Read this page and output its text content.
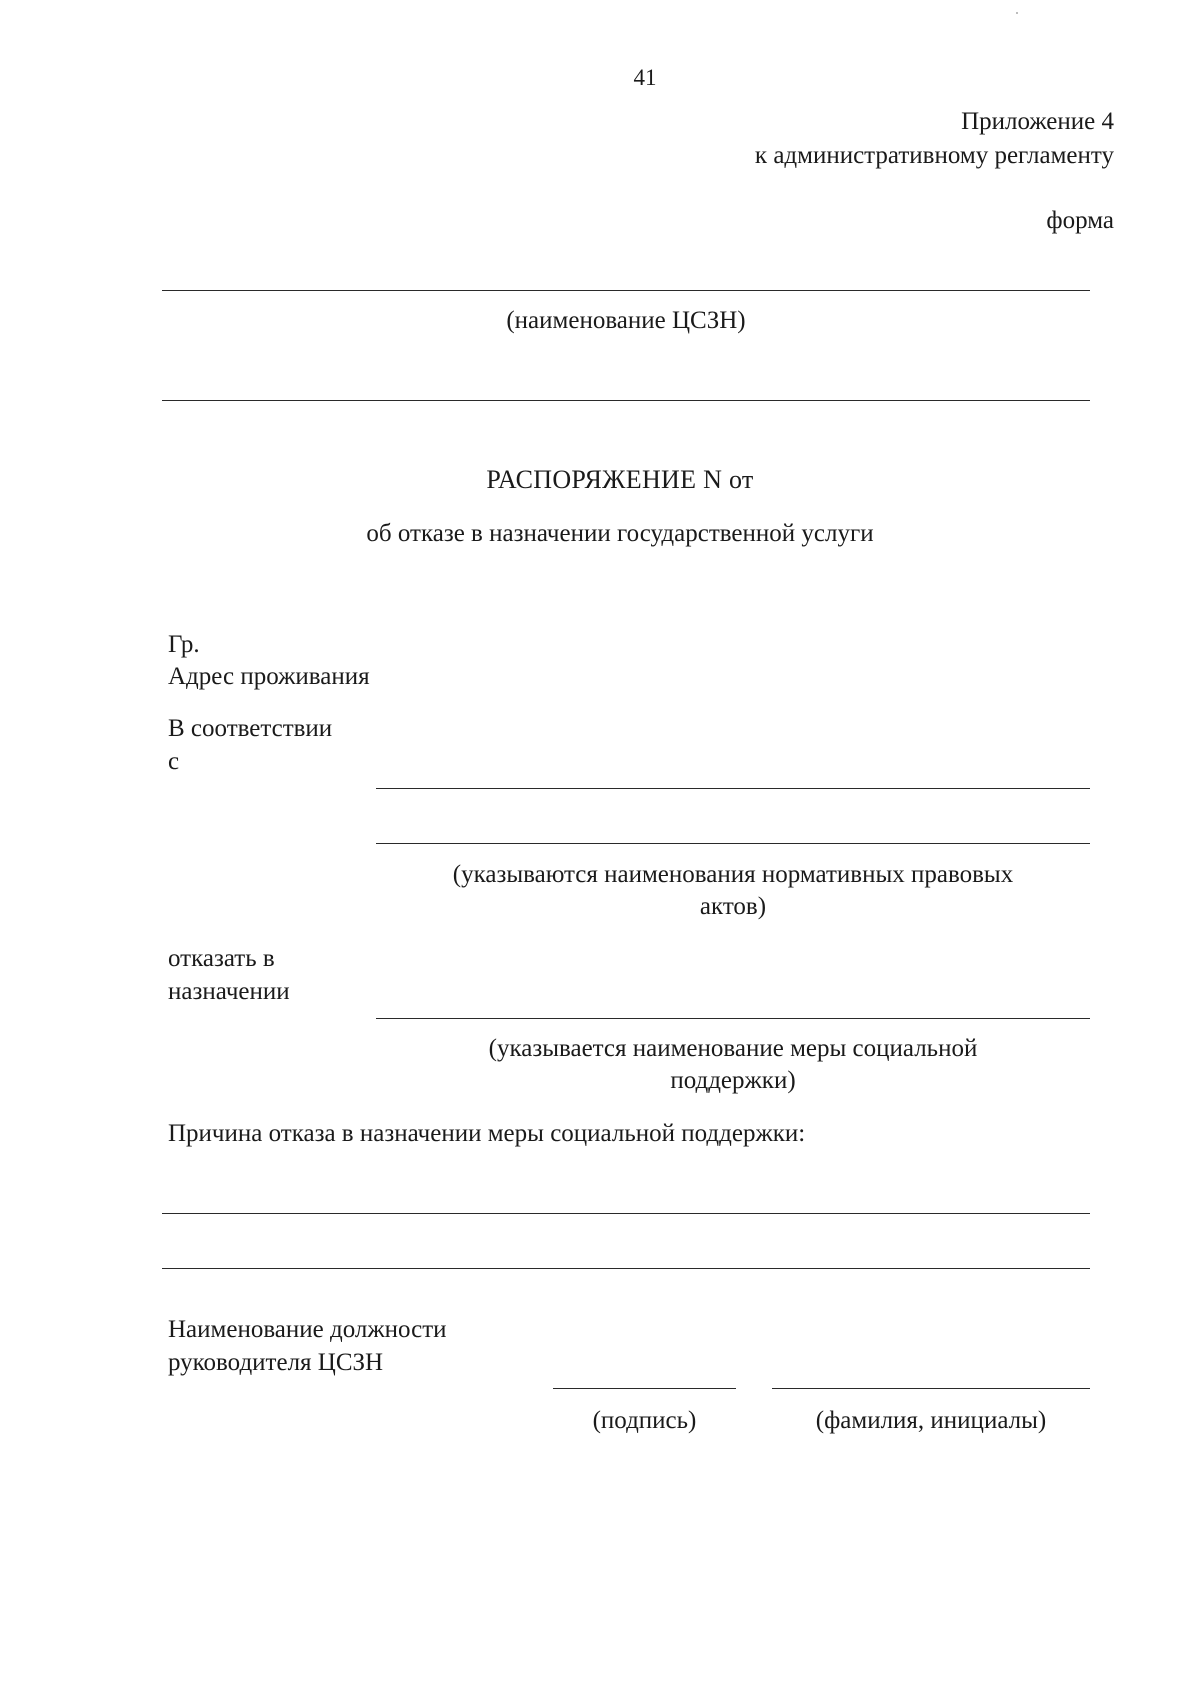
41
Приложение 4
к административному регламенту
форма
(наименование ЦСЗН)
РАСПОРЯЖЕНИЕ N от
об отказе в назначении государственной услуги
Гр.
Адрес проживания
В соответствии
с
(указываются наименования нормативных правовых
актов)
отказать в
назначении
(указывается наименование меры социальной
поддержки)
Причина отказа в назначении меры социальной поддержки:
Наименование должности
руководителя ЦСЗН
(подпись)	(фамилия, инициалы)
